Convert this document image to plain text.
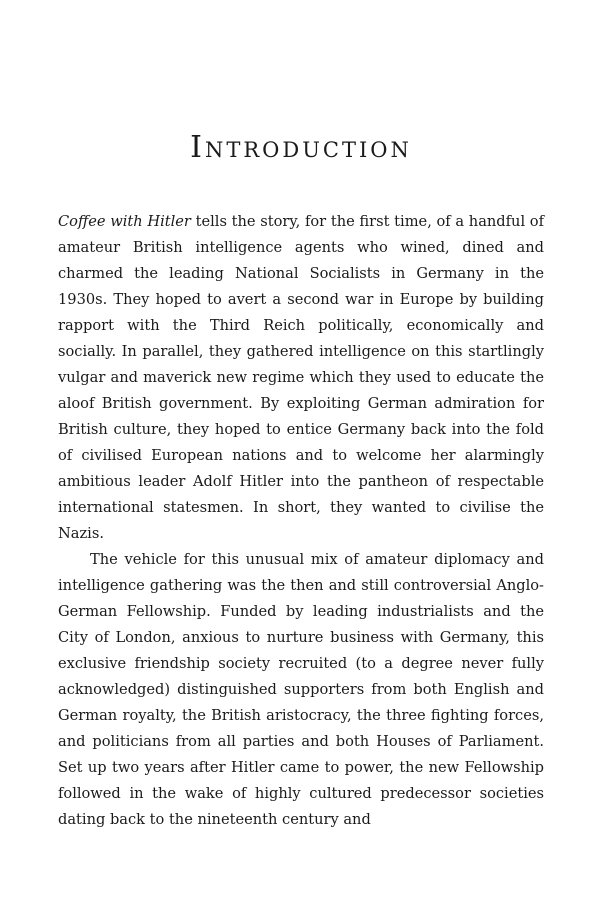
Introduction

Coffee with Hitler tells the story, for the first time, of a handful of amateur British intelligence agents who wined, dined and charmed the leading National Socialists in Germany in the 1930s. They hoped to avert a second war in Europe by building rapport with the Third Reich politically, economically and socially. In parallel, they gathered intelligence on this startlingly vulgar and maverick new regime which they used to educate the aloof British government. By exploiting German admiration for British culture, they hoped to entice Germany back into the fold of civilised European nations and to welcome her alarmingly ambitious leader Adolf Hitler into the pantheon of respectable international statesmen. In short, they wanted to civilise the Nazis.

The vehicle for this unusual mix of amateur diplomacy and intelligence gathering was the then and still controversial Anglo-German Fellowship. Funded by leading industrialists and the City of London, anxious to nurture business with Germany, this exclusive friendship society recruited (to a degree never fully acknowledged) distinguished supporters from both English and German royalty, the British aristocracy, the three fighting forces, and politicians from all parties and both Houses of Parliament. Set up two years after Hitler came to power, the new Fellowship followed in the wake of highly cultured predecessor societies dating back to the nineteenth century and
